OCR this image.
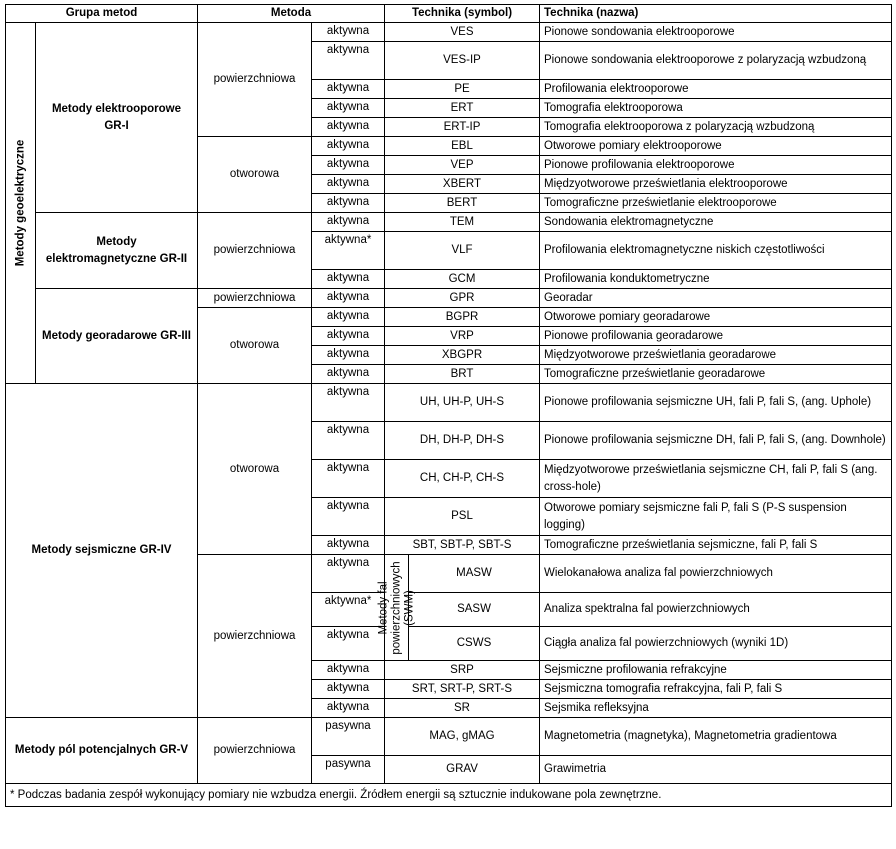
Grupa metod		Metoda		Technika (symbol)		Technika (nazwa)

Metody geoelektryczne	Metody elektrooporowe GR-I	powierzchniowa	aktywna	VES		Pionowe sondowania elektrooporowe
			aktywna	VES-IP		Pionowe sondowania elektrooporowe z polaryzacją wzbudzoną
			aktywna	PE		Profilowania elektrooporowe
			aktywna	ERT		Tomografia elektrooporowa
			aktywna	ERT-IP		Tomografia elektrooporowa z polaryzacją wzbudzoną
		otworowa	aktywna	EBL		Otworowe pomiary elektrooporowe
			aktywna	VEP		Pionowe profilowania elektrooporowe
			aktywna	XBERT		Międzyotworowe prześwietlania elektrooporowe
			aktywna	BERT		Tomograficzne prześwietlanie elektrooporowe
	Metody elektromagnetyczne GR-II	powierzchniowa	aktywna	TEM		Sondowania elektromagnetyczne
			aktywna*	VLF		Profilowania elektromagnetyczne niskich częstotliwości
			aktywna	GCM		Profilowania konduktometryczne
	Metody georadarowe GR-III	powierzchniowa	aktywna	GPR		Georadar
		otworowa	aktywna	BGPR		Otworowe pomiary georadarowe
			aktywna	VRP		Pionowe profilowania georadarowe
			aktywna	XBGPR		Międzyotworowe prześwietlania georadarowe
			aktywna	BRT		Tomograficzne prześwietlanie georadarowe
Metody sejsmiczne GR-IV		otworowa	aktywna	UH, UH-P, UH-S		Pionowe profilowania sejsmiczne UH, fali P, fali S, (ang. Uphole)
			aktywna	DH, DH-P, DH-S		Pionowe profilowania sejsmiczne DH, fali P, fali S, (ang. Downhole)
			aktywna	CH, CH-P, CH-S		Międzyotworowe prześwietlania sejsmiczne CH, fali P, fali S (ang. cross-hole)
			aktywna	PSL		Otworowe pomiary sejsmiczne fali P, fali S (P-S suspension logging)
			aktywna	SBT, SBT-P, SBT-S		Tomograficzne prześwietlania sejsmiczne, fali P, fali S
		powierzchniowa	aktywna	Metody fal powierzchniowych (SWM)	MASW	Wielokanałowa analiza fal powierzchniowych
			aktywna*		SASW	Analiza spektralna fal powierzchniowych
			aktywna		CSWS	Ciągła analiza fal powierzchniowych (wyniki 1D)
			aktywna	SRP		Sejsmiczne profilowania refrakcyjne
			aktywna	SRT, SRT-P, SRT-S		Sejsmiczna tomografia refrakcyjna, fali P, fali S
			aktywna	SR		Sejsmika refleksyjna
Metody pól potencjalnych GR-V		powierzchniowa	pasywna	MAG, gMAG		Magnetometria (magnetyka), Magnetometria gradientowa
			pasywna	GRAV		Grawimetria
* Podczas badania zespół wykonujący pomiary nie wzbudza energii. Źródłem energii są sztucznie indukowane pola zewnętrzne.						
